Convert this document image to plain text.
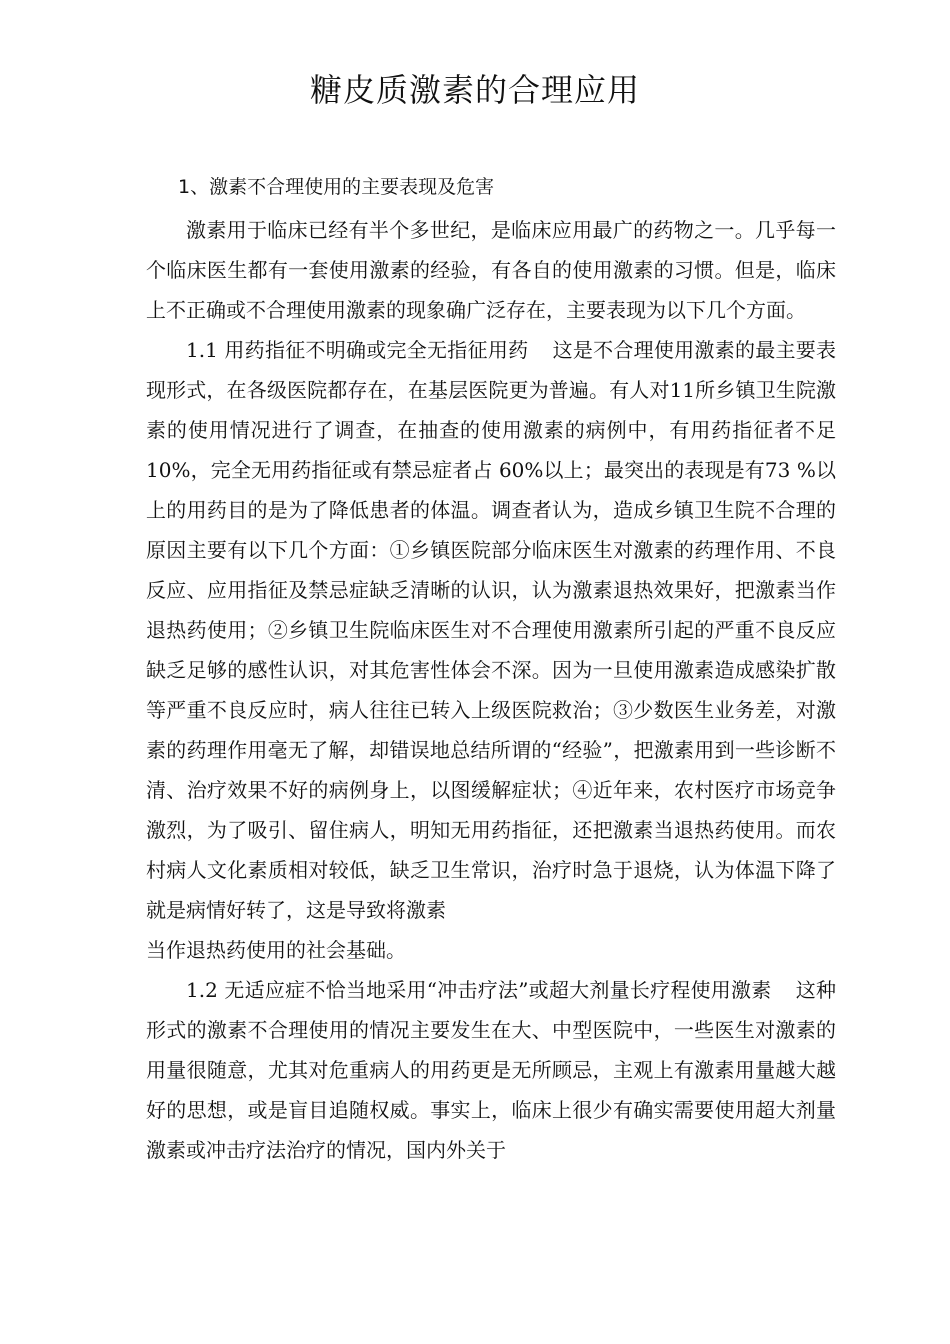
糖皮质激素的合理应用
1、激素不合理使用的主要表现及危害

激素用于临床已经有半个多世纪，是临床应用最广的药物之一。几乎每一个临床医生都有一套使用激素的经验，有各自的使用激素的习惯。但是，临床上不正确或不合理使用激素的现象确广泛存在，主要表现为以下几个方面。

1.1 用药指征不明确或完全无指征用药 这是不合理使用激素的最主要表现形式，在各级医院都存在，在基层医院更为普遍。有人对11所乡镇卫生院激素的使用情况进行了调查，在抽查的使用激素的病例中，有用药指征者不足 10%，完全无用药指征或有禁忌症者占 60%以上；最突出的表现是有73 %以上的用药目的是为了降低患者的体温。调查者认为，造成乡镇卫生院不合理的原因主要有以下几个方面：①乡镇医院部分临床医生对激素的药理作用、不良反应、应用指征及禁忌症缺乏清晰的认识，认为激素退热效果好，把激素当作退热药使用；②乡镇卫生院临床医生对不合理使用激素所引起的严重不良反应缺乏足够的感性认识，对其危害性体会不深。因为一旦使用激素造成感染扩散等严重不良反应时，病人往往已转入上级医院救治；③少数医生业务差，对激素的药理作用毫无了解，却错误地总结所谓的“经验”，把激素用到一些诊断不清、治疗效果不好的病例身上，以图缓解症状；④近年来，农村医疗市场竞争激烈，为了吸引、留住病人，明知无用药指征，还把激素当退热药使用。而农村病人文化素质相对较低，缺乏卫生常识，治疗时急于退烧，认为体温下降了就是病情好转了，这是导致将激素

当作退热药使用的社会基础。

1.2 无适应症不恰当地采用“冲击疗法”或超大剂量长疗程使用激素 这种形式的激素不合理使用的情况主要发生在大、中型医院中，一些医生对激素的用量很随意，尤其对危重病人的用药更是无所顾忌，主观上有激素用量越大越好的思想，或是盲目追随权威。事实上，临床上很少有确实需要使用超大剂量激素或冲击疗法治疗的情况，国内外关于
